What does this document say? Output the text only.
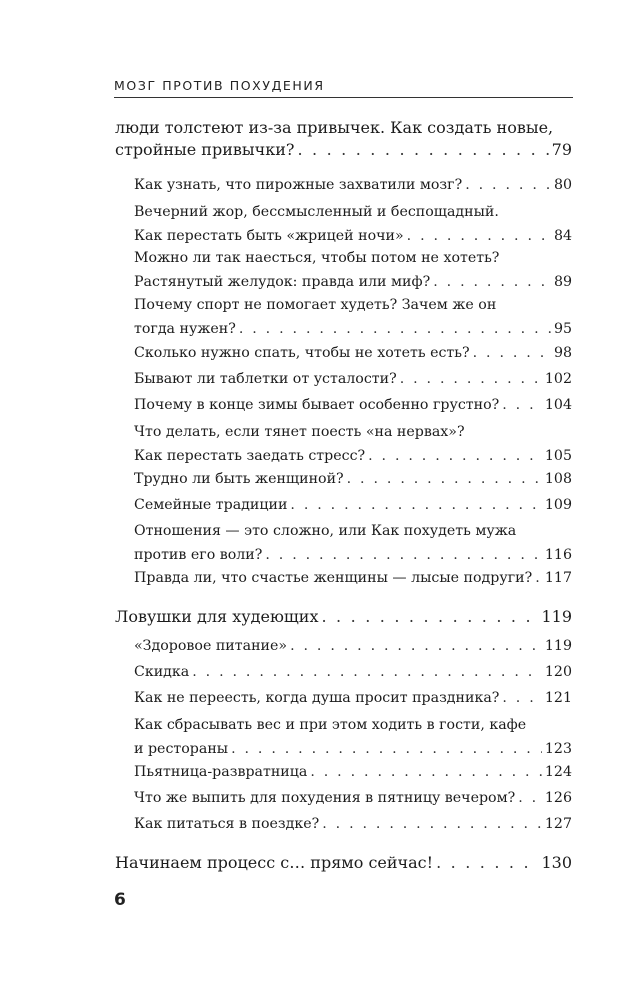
МОЗГ ПРОТИВ ПОХУДЕНИЯ
люди толстеют из-за привычек. Как создать новые,
стройные привычки? . . .	79
Как узнать, что пирожные захватили мозг? . . .	80
Вечерний жор, бессмысленный и беспощадный.
Как перестать быть «жрицей ночи» . . .	84
Можно ли так наесться, чтобы потом не хотеть?
Растянутый желудок: правда или миф? . . .	89
Почему спорт не помогает худеть? Зачем же он
тогда нужен? . . .	95
Сколько нужно спать, чтобы не хотеть есть? . . .	98
Бывают ли таблетки от усталости? . . .	102
Почему в конце зимы бывает особенно грустно? . . .	104
Что делать, если тянет поесть «на нервах»?
Как перестать заедать стресс? . . .	105
Трудно ли быть женщиной? . . .	108
Семейные традиции . . .	109
Отношения — это сложно, или Как похудеть мужа
против его воли? . . .	116
Правда ли, что счастье женщины — лысые подруги? . . . 117
Ловушки для худеющих . . .	119
«Здоровое питание» . . .	119
Скидка . . .	120
Как не переесть, когда душа просит праздника? . . .	121
Как сбрасывать вес и при этом ходить в гости, кафе
и рестораны . . .	123
Пьятница-развратница . . .	124
Что же выпить для похудения в пятницу вечером? . . . 126
Как питаться в поездке? . . .	127
Начинаем процесс с… прямо сейчас! . . .	130
6
